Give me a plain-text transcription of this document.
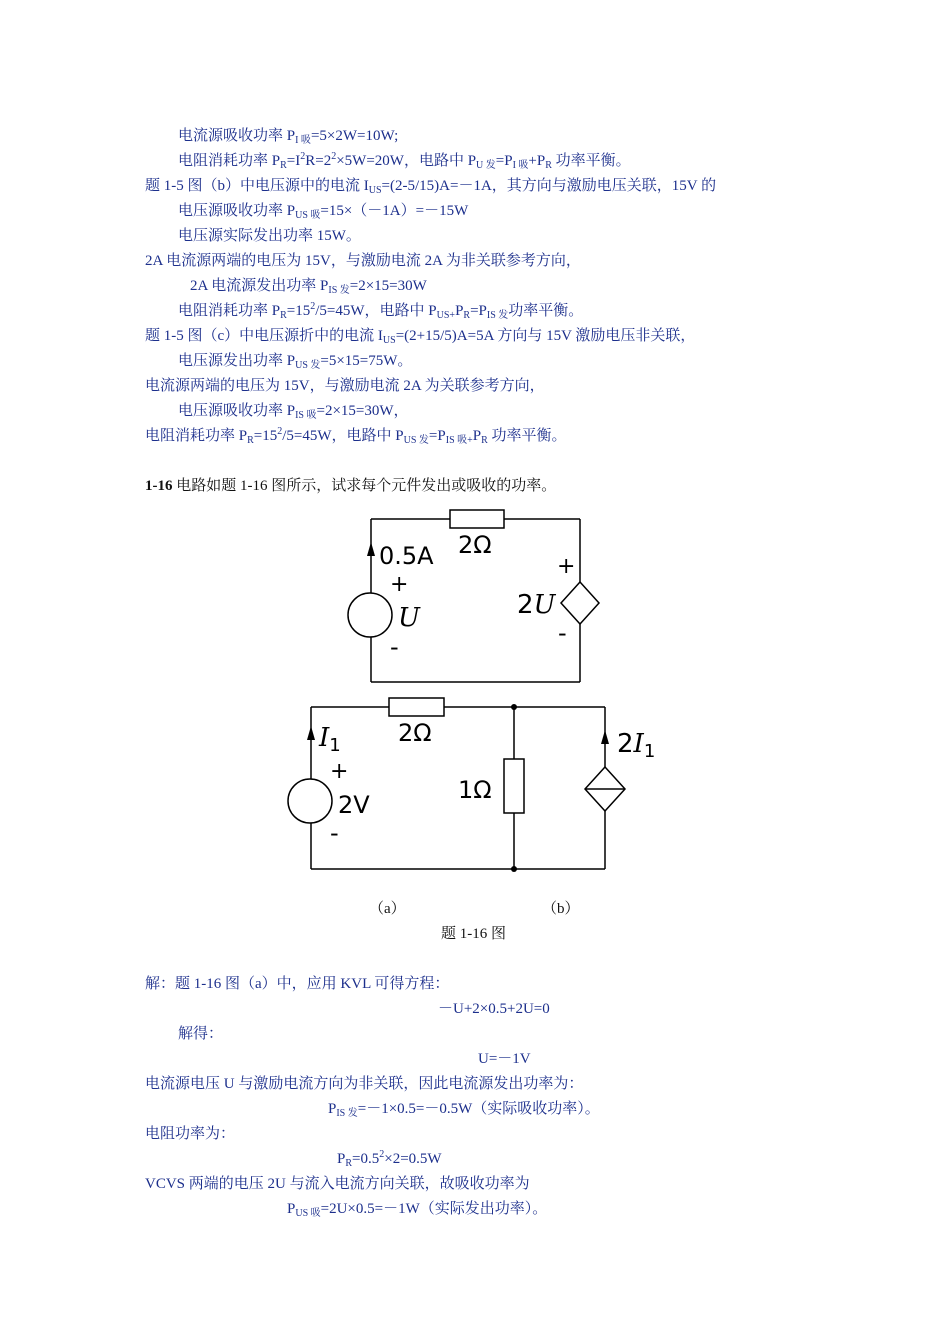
电流源吸收功率 $P_{I 吸}=5\times 2W=10W$;
电阻消耗功率 $P_R=I^2R=2^2\times 5W=20W$，电路中 $P_{U 发}=P_{I 吸}+P_R$ 功率平衡。
题 1-5 图（b）中电压源中的电流 $I_{US}=(2-5/15)A=-1A$，其方向与激励电压关联，15V 的
电压源吸收功率 $P_{US 吸}=15\times(-1A)=-15W$
电压源实际发出功率 15W。
2A 电流源两端的电压为 15V，与激励电流 2A 为非关联参考方向，
2A 电流源发出功率 $P_{IS 发}=2\times 15=30W$
电阻消耗功率 $P_R=15^2/5=45W$，电路中 $P_{US+}P_R=P_{IS 发}$功率平衡。
题 1-5 图（c）中电压源折中的电流 $I_{US}=(2+15/5)A=5A$ 方向与 15V 激励电压非关联，
电压源发出功率 $P_{US 发}=5\times 15=75W$。
电流源两端的电压为 15V，与激励电流 2A 为关联参考方向，
电压源吸收功率 $P_{IS 吸}=2\times 15=30W$，
电阻消耗功率 $P_R=15^2/5=45W$，电路中 $P_{US 发}=P_{IS 吸+}P_R$ 功率平衡。
1-16 电路如题 1-16 图所示，试求每个元件发出或吸收的功率。
0.5A
+
U
-
2Ω
+
2U
-
I1
+
2V
-
2Ω
1Ω
2I1
（a）	（b）
题 1-16 图
解：题 1-16 图（a）中，应用 KVL 可得方程：
－U+2×0.5+2U=0
解得：
U=－1V
电流源电压 U 与激励电流方向为非关联，因此电流源发出功率为：
$P_{IS 发}=-1\times 0.5=-0.5W$（实际吸收功率）。
电阻功率为：
$P_R=0.5^2\times 2=0.5W$
VCVS 两端的电压 2U 与流入电流方向关联，故吸收功率为
$P_{US 吸}=2U\times 0.5=-1W$（实际发出功率）。
